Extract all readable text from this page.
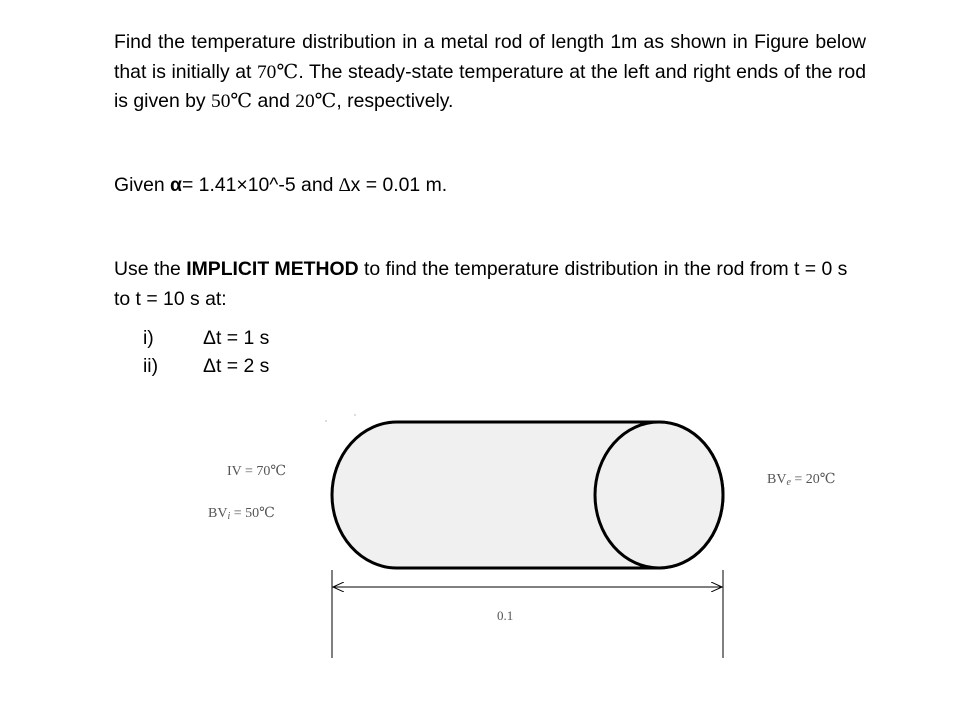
Find the temperature distribution in a metal rod of length 1m as shown in Figure below that is initially at 70℃. The steady-state temperature at the left and right ends of the rod is given by 50℃ and 20℃, respectively.

Given α= 1.41×10^-5 and ∆x = 0.01 m.

Use the IMPLICIT METHOD to find the temperature distribution in the rod from t = 0 s to t = 10 s at:

i)	Δt = 1 s

ii) Δt = 2 s

IV = 70℃
$BV_i$ = 50℃
$BV_e$ = 20℃
0.1
